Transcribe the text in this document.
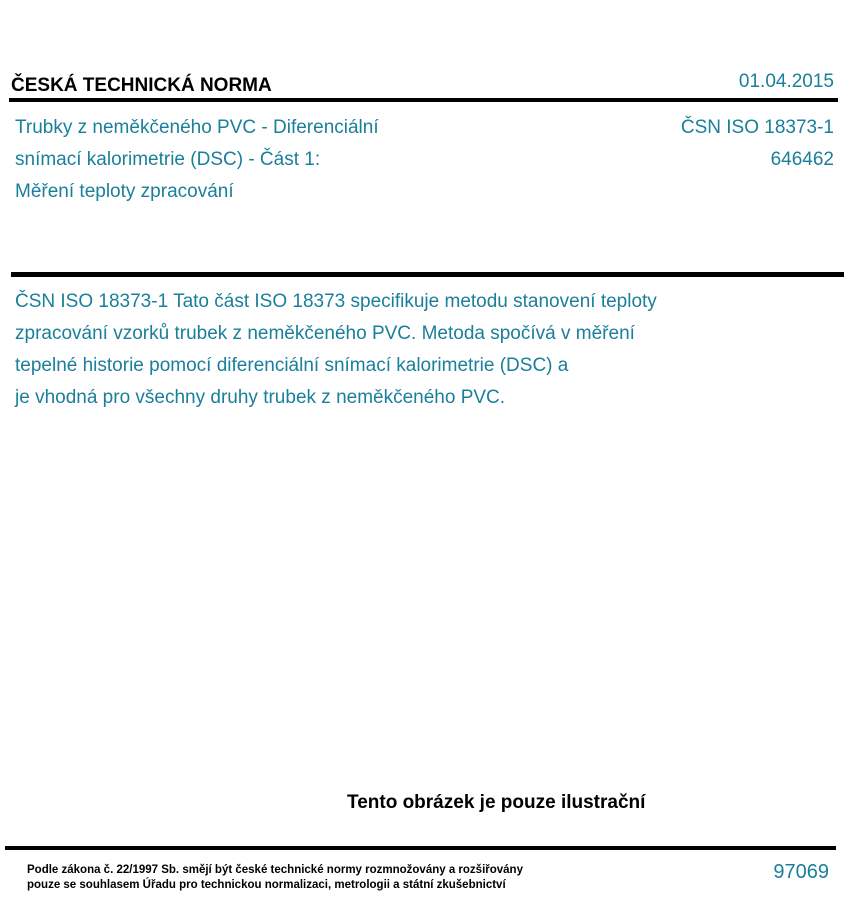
ČESKÁ TECHNICKÁ NORMA	01.04.2015
Trubky z neměkčeného PVC - Diferenciální
snímací kalorimetrie (DSC) - Část 1:
Měření teploty zpracování
ČSN ISO 18373-1
646462
ČSN ISO 18373-1 Tato část ISO 18373 specifikuje metodu stanovení teploty
zpracování vzorků trubek z neměkčeného PVC. Metoda spočívá v měření
tepelné historie pomocí diferenciální snímací kalorimetrie (DSC) a
je vhodná pro všechny druhy trubek z neměkčeného PVC.
Tento obrázek je pouze ilustrační
Podle zákona č. 22/1997 Sb. smějí být české technické normy rozmnožovány a rozšiřovány
pouze se souhlasem Úřadu pro technickou normalizaci, metrologii a státní zkušebnictví
97069
